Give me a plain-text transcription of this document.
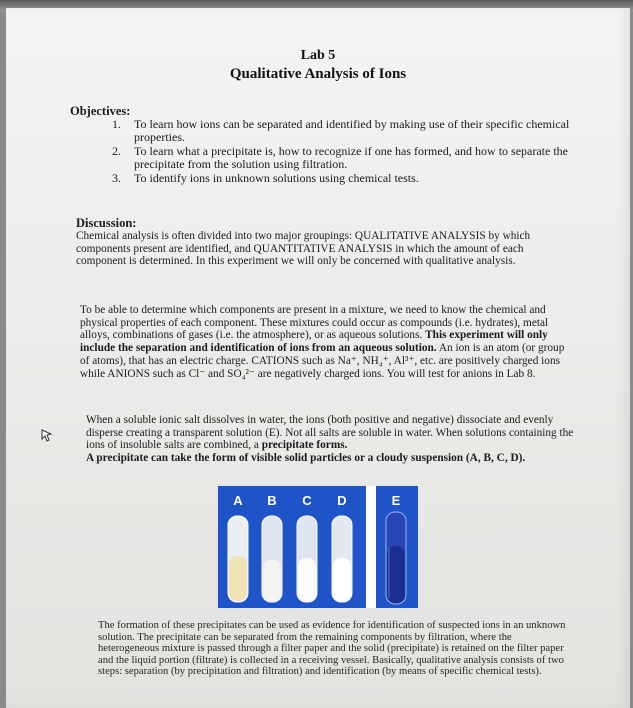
Lab 5
Qualitative Analysis of Ions
Objectives:
1. To learn how ions can be separated and identified by making use of their specific chemical properties.
2. To learn what a precipitate is, how to recognize if one has formed, and how to separate the precipitate from the solution using filtration.
3. To identify ions in unknown solutions using chemical tests.
Discussion:
Chemical analysis is often divided into two major groupings: QUALITATIVE ANALYSIS by which components present are identified, and QUANTITATIVE ANALYSIS in which the amount of each component is determined. In this experiment we will only be concerned with qualitative analysis.
To be able to determine which components are present in a mixture, we need to know the chemical and physical properties of each component. These mixtures could occur as compounds (i.e. hydrates), metal alloys, combinations of gases (i.e. the atmosphere), or as aqueous solutions. This experiment will only include the separation and identification of ions from an aqueous solution. An ion is an atom (or group of atoms), that has an electric charge. CATIONS such as Na⁺, NH₄⁺, Al³⁺, etc. are positively charged ions while ANIONS such as Cl⁻ and SO₄²⁻ are negatively charged ions. You will test for anions in Lab 8.
When a soluble ionic salt dissolves in water, the ions (both positive and negative) dissociate and evenly disperse creating a transparent solution (E). Not all salts are soluble in water. When solutions containing the ions of insoluble salts are combined, a precipitate forms.
A precipitate can take the form of visible solid particles or a cloudy suspension (A, B, C, D).
A B C D	E
The formation of these precipitates can be used as evidence for identification of suspected ions in an unknown solution. The precipitate can be separated from the remaining components by filtration, where the heterogeneous mixture is passed through a filter paper and the solid (precipitate) is retained on the filter paper and the liquid portion (filtrate) is collected in a receiving vessel. Basically, qualitative analysis consists of two steps: separation (by precipitation and filtration) and identification (by means of specific chemical tests).
